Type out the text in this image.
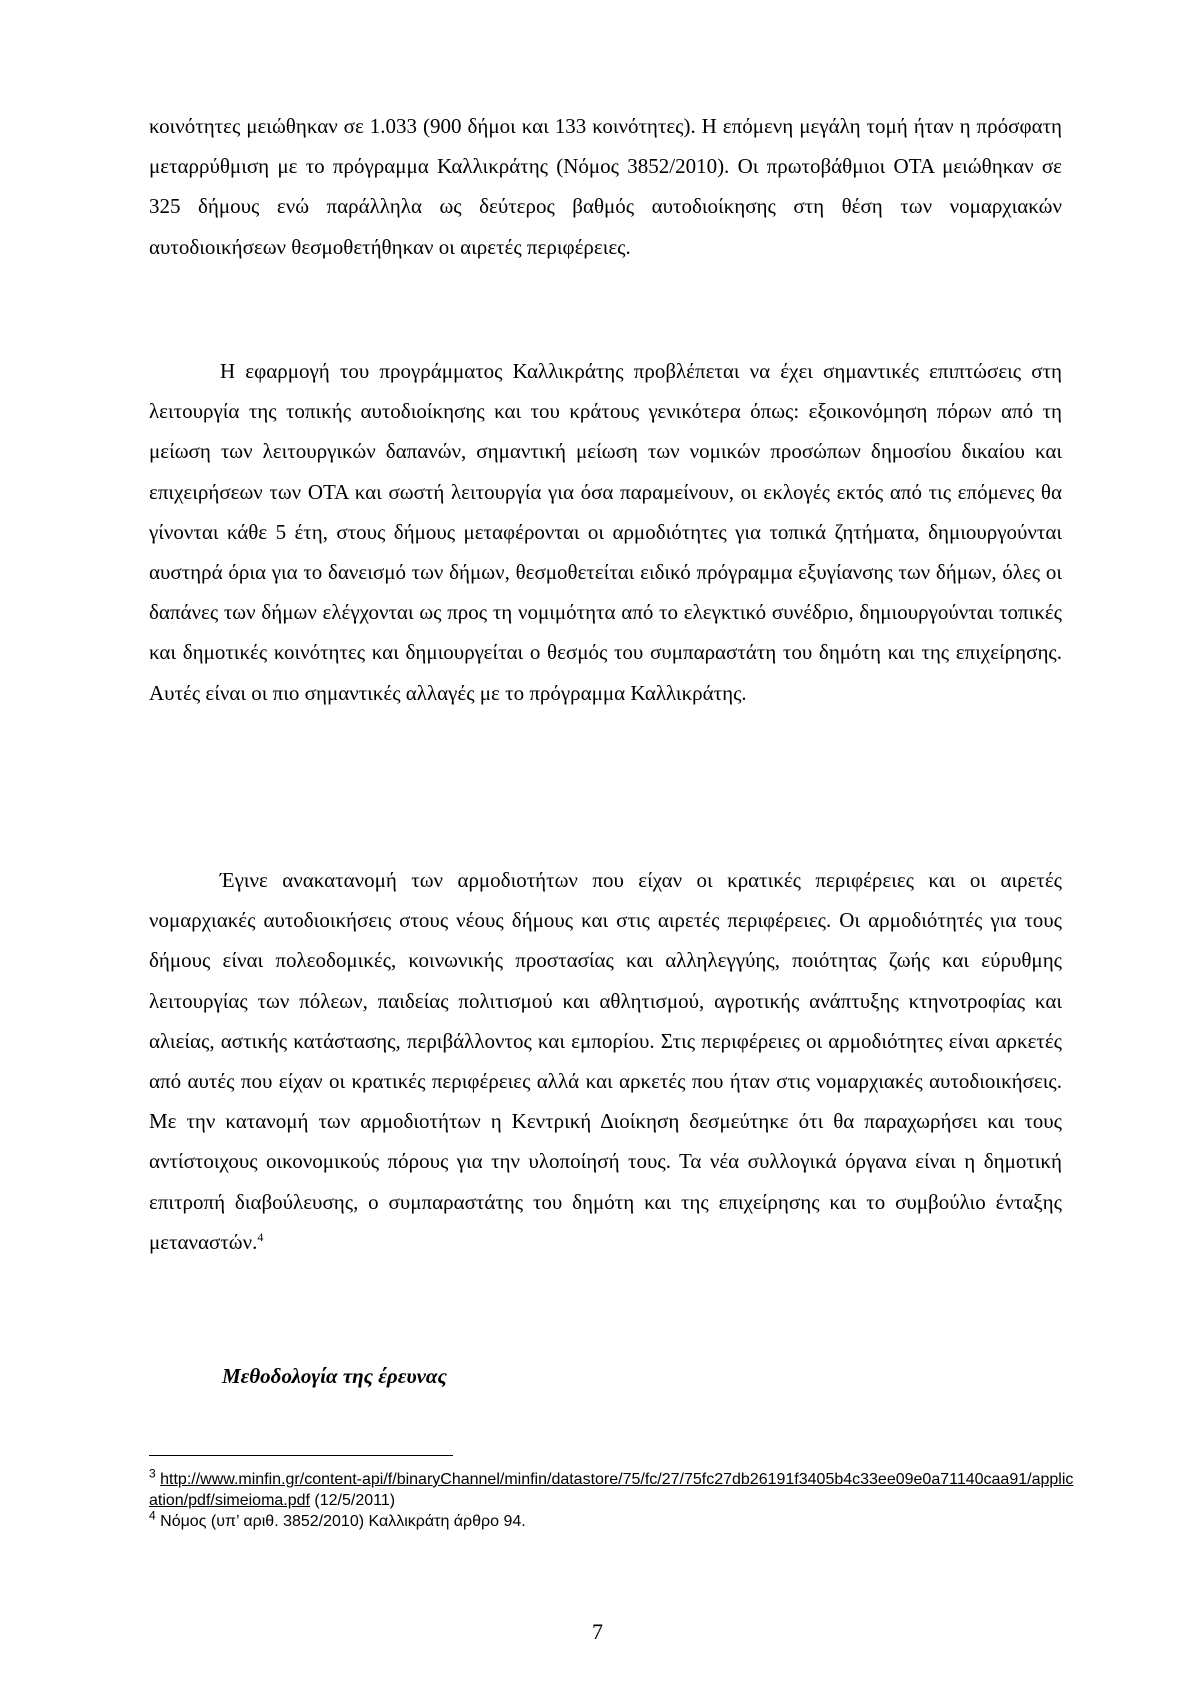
κοινότητες μειώθηκαν σε 1.033 (900 δήμοι και 133 κοινότητες). Η επόμενη μεγάλη τομή ήταν η πρόσφατη μεταρρύθμιση με το πρόγραμμα Καλλικράτης (Νόμος 3852/2010). Οι πρωτοβάθμιοι ΟΤΑ μειώθηκαν σε 325 δήμους ενώ παράλληλα ως δεύτερος βαθμός αυτοδιοίκησης στη θέση των νομαρχιακών αυτοδιοικήσεων θεσμοθετήθηκαν οι αιρετές περιφέρειες.

Η εφαρμογή του προγράμματος Καλλικράτης προβλέπεται να έχει σημαντικές επιπτώσεις στη λειτουργία της τοπικής αυτοδιοίκησης και του κράτους γενικότερα όπως: εξοικονόμηση πόρων από τη μείωση των λειτουργικών δαπανών, σημαντική μείωση των νομικών προσώπων δημοσίου δικαίου και επιχειρήσεων των ΟΤΑ και σωστή λειτουργία για όσα παραμείνουν, οι εκλογές εκτός από τις επόμενες θα γίνονται κάθε 5 έτη, στους δήμους μεταφέρονται οι αρμοδιότητες για τοπικά ζητήματα, δημιουργούνται αυστηρά όρια για το δανεισμό των δήμων, θεσμοθετείται ειδικό πρόγραμμα εξυγίανσης των δήμων, όλες οι δαπάνες των δήμων ελέγχονται ως προς τη νομιμότητα από το ελεγκτικό συνέδριο, δημιουργούνται τοπικές και δημοτικές κοινότητες και δημιουργείται ο θεσμός του συμπαραστάτη του δημότη και της επιχείρησης. Αυτές είναι οι πιο σημαντικές αλλαγές με το πρόγραμμα Καλλικράτης.

Έγινε ανακατανομή των αρμοδιοτήτων που είχαν οι κρατικές περιφέρειες και οι αιρετές νομαρχιακές αυτοδιοικήσεις στους νέους δήμους και στις αιρετές περιφέρειες. Οι αρμοδιότητές για τους δήμους είναι πολεοδομικές, κοινωνικής προστασίας και αλληλεγγύης, ποιότητας ζωής και εύρυθμης λειτουργίας των πόλεων, παιδείας πολιτισμού και αθλητισμού, αγροτικής ανάπτυξης κτηνοτροφίας και αλιείας, αστικής κατάστασης, περιβάλλοντος και εμπορίου. Στις περιφέρειες οι αρμοδιότητες είναι αρκετές από αυτές που είχαν οι κρατικές περιφέρειες αλλά και αρκετές που ήταν στις νομαρχιακές αυτοδιοικήσεις. Με την κατανομή των αρμοδιοτήτων η Κεντρική Διοίκηση δεσμεύτηκε ότι θα παραχωρήσει και τους αντίστοιχους οικονομικούς πόρους για την υλοποίησή τους. Τα νέα συλλογικά όργανα είναι η δημοτική επιτροπή διαβούλευσης, ο συμπαραστάτης του δημότη και της επιχείρησης και το συμβούλιο ένταξης μεταναστών.$^4$

Μεθοδολογία της έρευνας

$^3$ http://www.minfin.gr/content-api/f/binaryChannel/minfin/datastore/75/fc/27/75fc27db26191f3405b4c33ee09e0a71140caa91/application/pdf/simeioma.pdf (12/5/2011)

$^4$ Νόμος (υπ’ αριθ. 3852/2010) Καλλικράτη άρθρο 94.

7
